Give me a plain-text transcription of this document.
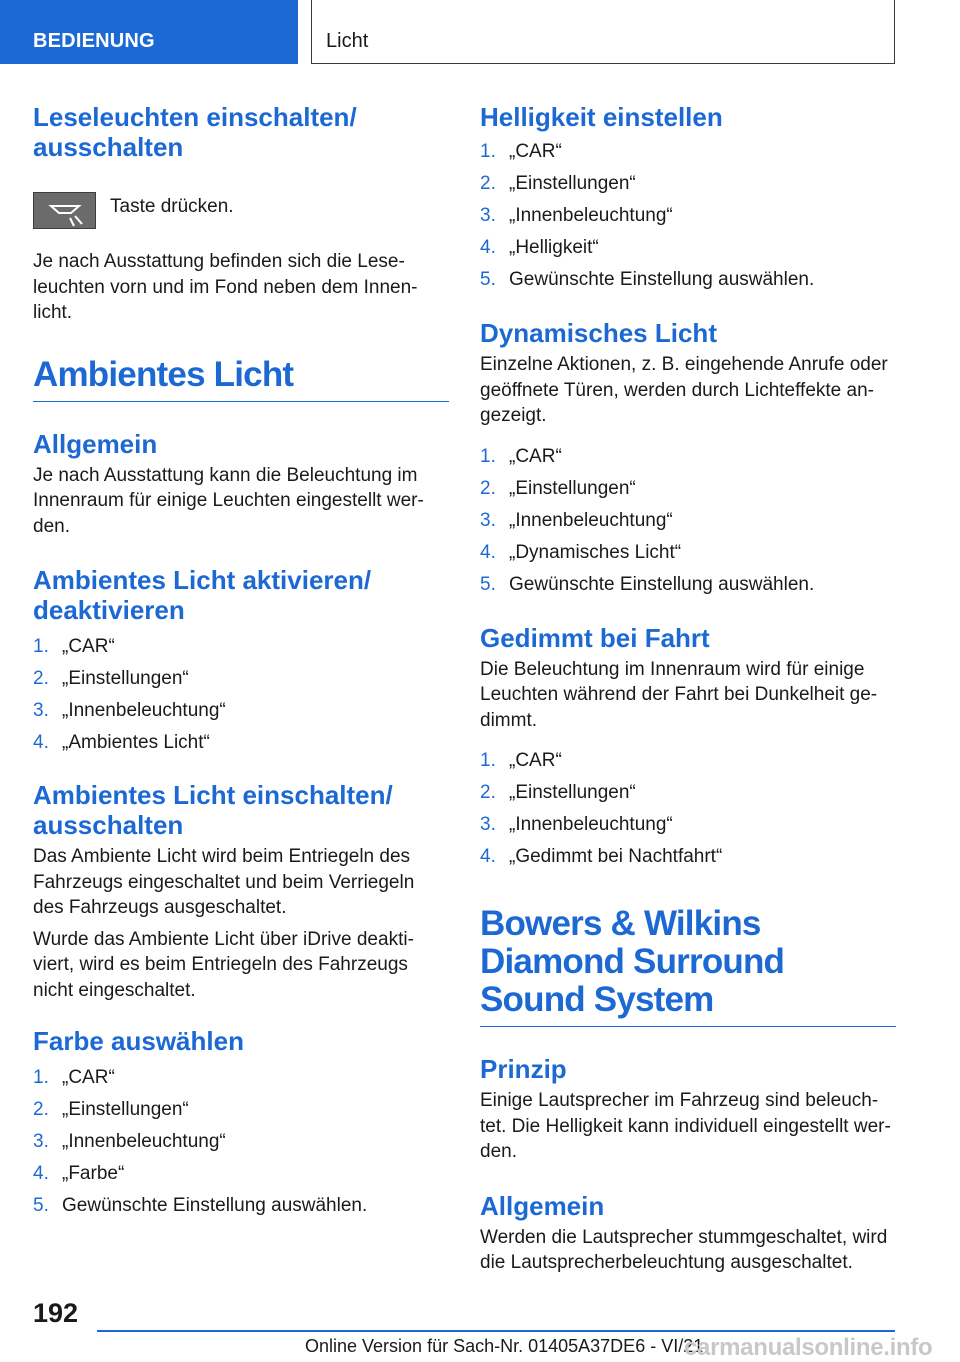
BEDIENUNG	Licht
Leseleuchten einschalten/ ausschalten
Taste drücken.

Je nach Ausstattung befinden sich die Lese-leuchten vorn und im Fond neben dem Innen-licht.

Ambientes Licht
Allgemein

Je nach Ausstattung kann die Beleuchtung im Innenraum für einige Leuchten eingestellt wer-den.

Ambientes Licht aktivieren/ deaktivieren
1. „CAR“
2. „Einstellungen“
3. „Innenbeleuchtung“
4. „Ambientes Licht“
Ambientes Licht einschalten/ ausschalten

Das Ambiente Licht wird beim Entriegeln des Fahrzeugs eingeschaltet und beim Verriegeln des Fahrzeugs ausgeschaltet.

Wurde das Ambiente Licht über iDrive deakti-viert, wird es beim Entriegeln des Fahrzeugs nicht eingeschaltet.

Farbe auswählen
1. „CAR“
2. „Einstellungen“
3. „Innenbeleuchtung“
4. „Farbe“
5. Gewünschte Einstellung auswählen.
Helligkeit einstellen
1. „CAR“
2. „Einstellungen“
3. „Innenbeleuchtung“
4. „Helligkeit“
5. Gewünschte Einstellung auswählen.
Dynamisches Licht

Einzelne Aktionen, z. B. eingehende Anrufe oder geöffnete Türen, werden durch Lichteffekte an-gezeigt.

1. „CAR“
2. „Einstellungen“
3. „Innenbeleuchtung“
4. „Dynamisches Licht“
5. Gewünschte Einstellung auswählen.
Gedimmt bei Fahrt

Die Beleuchtung im Innenraum wird für einige Leuchten während der Fahrt bei Dunkelheit ge-dimmt.

1. „CAR“
2. „Einstellungen“
3. „Innenbeleuchtung“
4. „Gedimmt bei Nachtfahrt“
Bowers & Wilkins Diamond Surround Sound System
Prinzip

Einige Lautsprecher im Fahrzeug sind beleuch-tet. Die Helligkeit kann individuell eingestellt wer-den.

Allgemein

Werden die Lautsprecher stummgeschaltet, wird die Lautsprecherbeleuchtung ausgeschaltet.

192
Online Version für Sach-Nr. 01405A37DE6 - VI/21
carmanualsonline.info
